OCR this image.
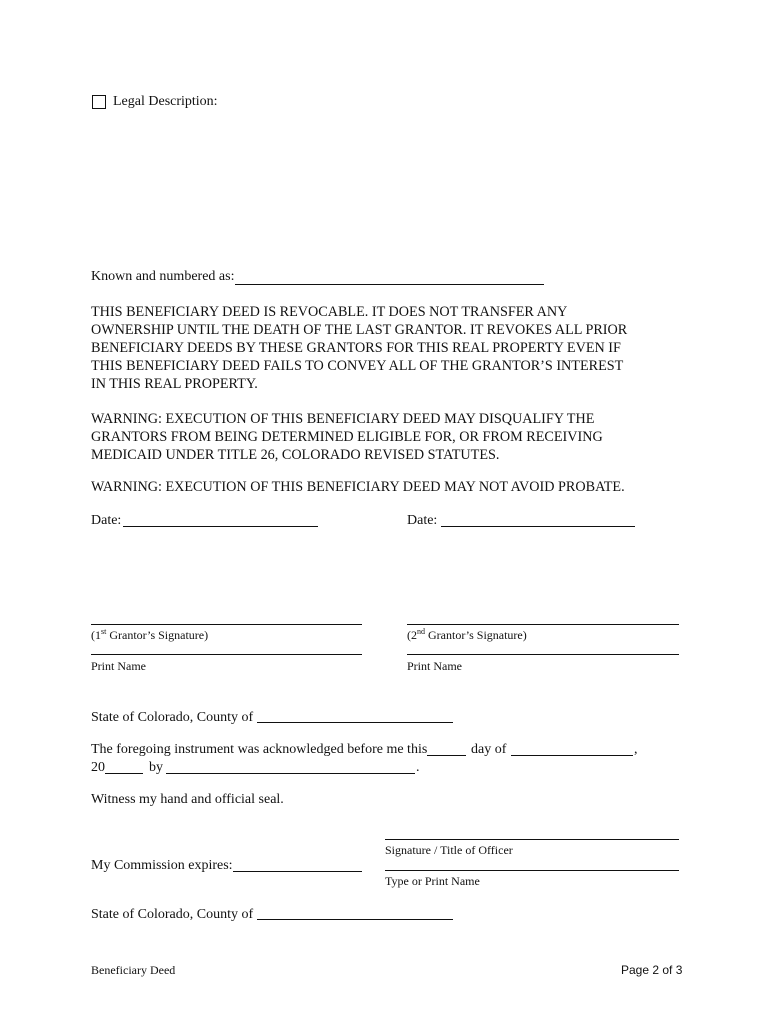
Legal Description:
Known and numbered as:
THIS BENEFICIARY DEED IS REVOCABLE. IT DOES NOT TRANSFER ANY
OWNERSHIP UNTIL THE DEATH OF THE LAST GRANTOR. IT REVOKES ALL PRIOR
BENEFICIARY DEEDS BY THESE GRANTORS FOR THIS REAL PROPERTY EVEN IF
THIS BENEFICIARY DEED FAILS TO CONVEY ALL OF THE GRANTOR’S INTEREST
IN THIS REAL PROPERTY.
WARNING: EXECUTION OF THIS BENEFICIARY DEED MAY DISQUALIFY THE
GRANTORS FROM BEING DETERMINED ELIGIBLE FOR, OR FROM RECEIVING
MEDICAID UNDER TITLE 26, COLORADO REVISED STATUTES.
WARNING: EXECUTION OF THIS BENEFICIARY DEED MAY NOT AVOID PROBATE.
Date:	Date:
(1st Grantor’s Signature)	(2nd Grantor’s Signature)
Print Name	Print Name
State of Colorado, County of
The foregoing instrument was acknowledged before me this	day of	,
20	by	.
Witness my hand and official seal.
Signature / Title of Officer
My Commission expires:
Type or Print Name
State of Colorado, County of
Beneficiary Deed	Page 2 of 3
